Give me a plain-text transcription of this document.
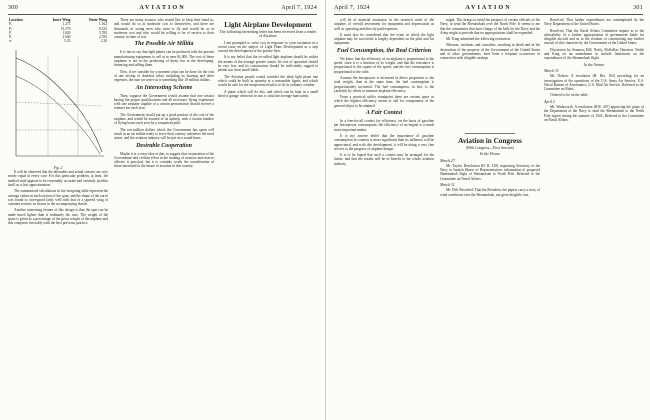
300	AVIATION	April 7, 1924
Location	Inner Wing	Outer Wing
P₁	1.273	1.162
Pᵤ	15,179	8,525
P₁	1.020	3.700
P₂	2.640	2.550
w	5.23	2.26
Fig. 2

It will be observed that the allowable and actual stresses are very nearly equal in every case. For this particular problem, at least, the method used appears to be reasonably accurate and certainly justifies itself as a first approximation.

The summarized calculations in the foregoing table represent the average values in each section of the span, and the shape of the curve was found to correspond fairly well with that of a tapered wing of constant section, as shown in the accompanying sketch.

Another interesting feature of this design is that the spar can be made much lighter than is ordinarily the case. The weight of the spars is given as a percentage of the gross weight of the airplane and this compares favorably with the best previous practice.

There are many aviators who would like to keep their hand in, and would do so at moderate cost to themselves, and there are thousands of young men who want to fly and would do so at moderate cost and who would be willing to be of service to their country in time of war.

The Possible Air Militia

It is fair to say that light planes can be produced with the present manufacturing equipment to sell at or near $1,000. The cost of these airplanes is not in the producing of them, but in the developing, financing and selling them.

Now, if we consider for a moment what can be done for the cost of one airship of doubtful value, including its housing and other expenses, the sum we arrive at is something like 10 million dollars.

An Interesting Scheme

Then, suppose the Government would assume that one aviator having the proper qualifications and all necessary flying experience with one airplane capable of a certain performance should receive a retainer fee each year.

The Government would put up a good portion of the cost of the airplane, and would be assured of its upkeep, with a certain number of flying hours each year by a competent pilot.

The ten million dollars which the Government has spent will result in an air militia ready to serve their country whenever the need arises, and the aviation industry will be put on a sound basis.

Desirable Cooperation

Maybe it is a crazy idea at that, to suggest that cooperation of the Government and civilian effort in the training of aviators and reserve officers is practical, but it is certainly worth the consideration of those interested in the future of aviation in this country.

Light Airplane Development
The following interesting letter has been received from a reader of Aviation:

I am prompted to write you in response to your invitation in a recent issue on the subject of Light Plane Development as a step toward the development of the private flyer.

It is my belief that the so-called light airplane should be within the means of the average private owner. Its cost of operation should be very low, and its construction should be sufficiently rugged to permit use from small fields.

The Aviation people would consider the ideal light plane one which could be built in quantity at a reasonable figure, and which would be safe for the inexperienced pilot to fly in ordinary weather.

A plane which will do this, and which can be kept in a small shed or garage when not in use, is what the average man wants.

April 7, 1924	AVIATION	301

will be of material assistance in the research work of the airplane, of overall investment for equipment and depreciation as well as operating and directly paid expenses.

It must also be considered that the event in which the light airplane may be successful is largely dependent on the pilot and his equipment.

Fuel Consumption, the Real Criterion

We know that the efficiency of an airplane is proportional to the speed, since it is a function of its weight, and that the resistance is proportional to the square of the speed, and the fuel consumption is proportional to the cube.

Assume the horsepower is increased in direct proportion to the total weight, then at the same time, the fuel consumption is proportionately increased. The fuel consumption, in fact, is the yardstick by which to measure airplane efficiency.

From a practical utility standpoint there are certain types in which the highest efficiency seems to call for compromise of the general object to be attained.

A Fair Contest

In a free-for-all contest for efficiency, on the basis of gasoline per horsepower consumption, the efficiency of an engine is a much more important matter.

It is my sincere belief that the importance of gasoline consumption in contests is more significant than its influence will be appreciated, and with this development, it will be doing a very fine service to the progress of airplane design.

It is to be hoped that such a contest may be arranged for the future, and that the results will be of benefit to the whole aviation industry.

might. This brings to mind the prospect of certain officials of the Navy, to send the Shenandoah over the North Pole. It seems to me that the committees that have charge of the bills for the Navy and the Army might to provide that no appropriations shall be expended.

Mr. King submitted the following resolution:

Whereas, incidents and casualties, resulting in death and in the destruction of the property of the Government of the United States and of other governments, have been a frequent occurrence in connection with dirigible airships.

Aviation in Congress
(68th Congress—First Session)
In the House
March 27

Mr. Taylor. Resolution (H. R. 149) requesting Secretary of the Navy to furnish House of Representatives information of proposed Shenandoah flight of Shenandoah to North Pole. Referred to the Committee on Naval Affairs.

March 31

Mr. Dill. Resolved, That the President, the papers carry a story of wind conditions over the Shenandoah, not great dirigible, last.

Resolved, That further expenditures are contemplated by the Navy Department of the United States.

Resolved, That the Naval Affairs Committee inquire as to the advisability of a further appropriation of government funds for dirigible aircraft and as to the wisdom of constructing any further aircraft of this character by the Government of the United States.

Discussion by Senators Dill, Neely, McKellar, Harrison, Walsh and King on an amendment to include limitations on the expenditures of the Shenandoah flight.

In the Senate
March 31

Mr. Nelson. A resolution (H. Res. 163) providing for an investigation of the operations of the U.S. Army Air Service, U.S. Naval Bureau of Aeronautics, U.S. Mail Air Service. Referred to the Committee on Rules.

Ordered to lie on the table.

April 2

Mr. Wadsworth. A resolution (H.R. 267) approving the plans of the Department of the Navy to send the Shenandoah to the North Pole region during the summer of 1924. Referred to the Committee on Naval Affairs.
